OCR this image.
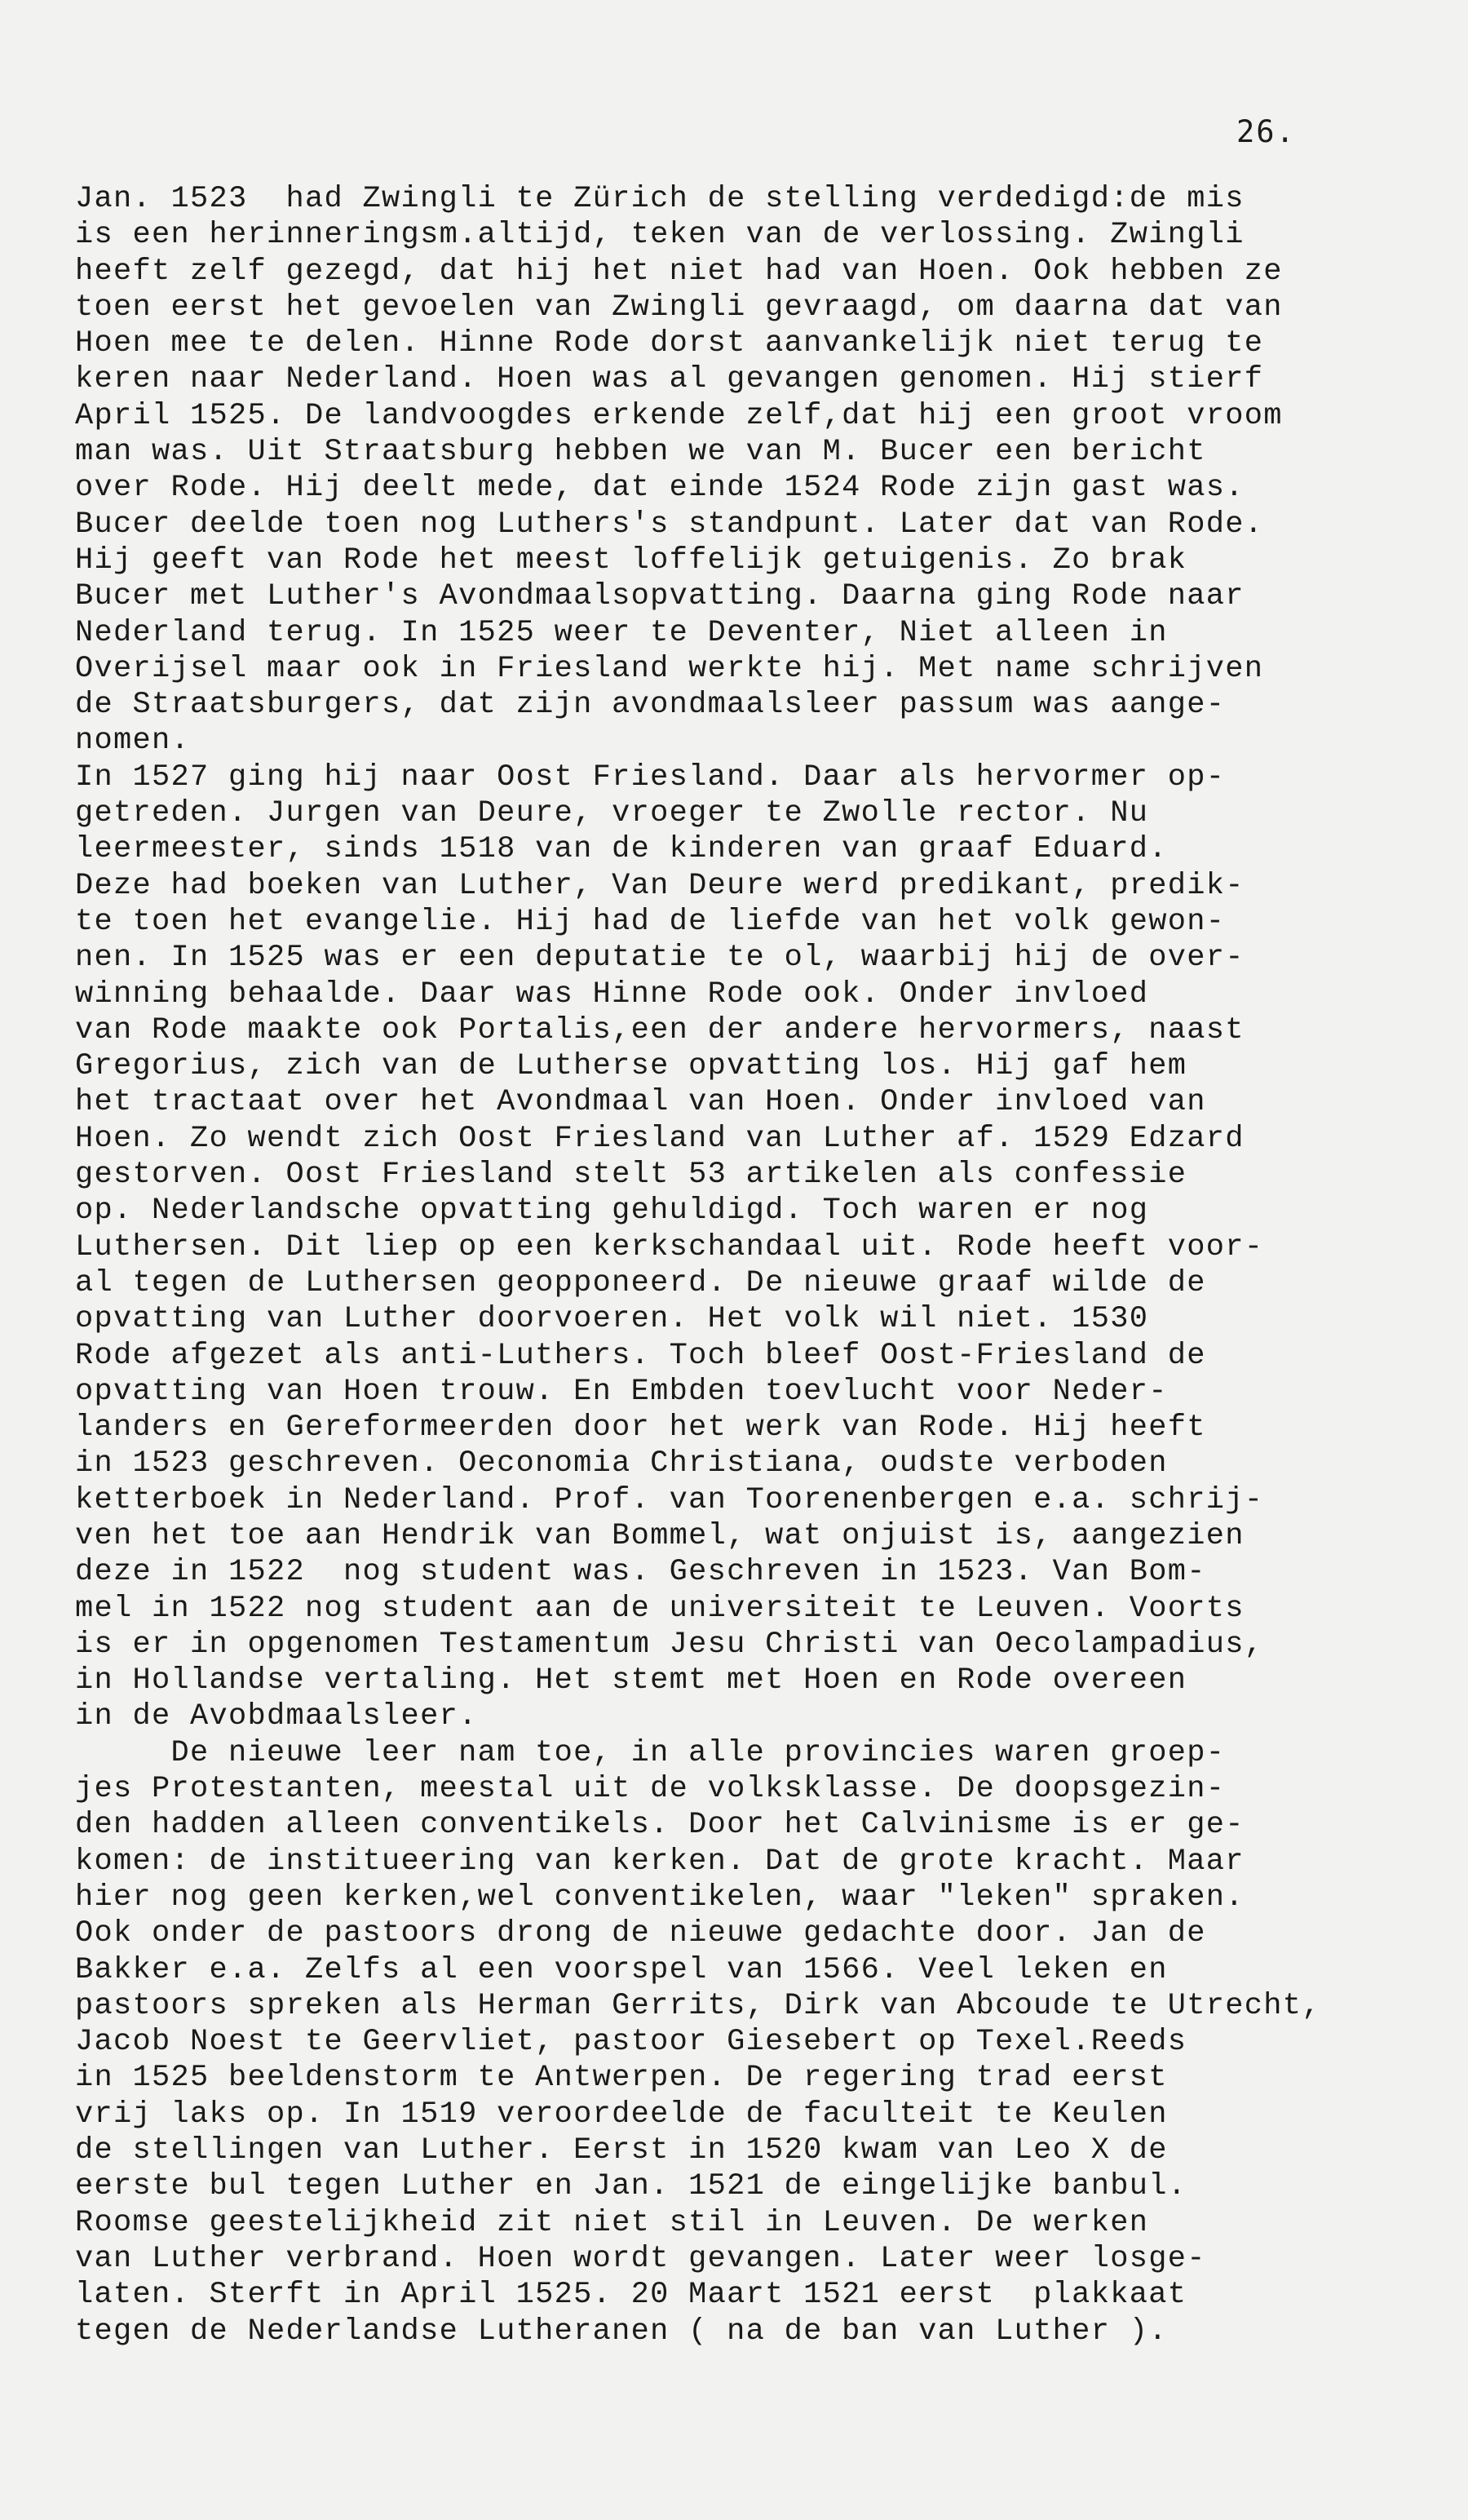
26.
Jan. 1523  had Zwingli te Zürich de stelling verdedigd:de mis
is een herinneringsm.altijd, teken van de verlossing. Zwingli
heeft zelf gezegd, dat hij het niet had van Hoen. Ook hebben ze
toen eerst het gevoelen van Zwingli gevraagd, om daarna dat van
Hoen mee te delen. Hinne Rode dorst aanvankelijk niet terug te
keren naar Nederland. Hoen was al gevangen genomen. Hij stierf
April 1525. De landvoogdes erkende zelf,dat hij een groot vroom
man was. Uit Straatsburg hebben we van M. Bucer een bericht
over Rode. Hij deelt mede, dat einde 1524 Rode zijn gast was.
Bucer deelde toen nog Luthers's standpunt. Later dat van Rode.
Hij geeft van Rode het meest loffelijk getuigenis. Zo brak
Bucer met Luther's Avondmaalsopvatting. Daarna ging Rode naar
Nederland terug. In 1525 weer te Deventer, Niet alleen in
Overijsel maar ook in Friesland werkte hij. Met name schrijven
de Straatsburgers, dat zijn avondmaalsleer passum was aange-
nomen.
In 1527 ging hij naar Oost Friesland. Daar als hervormer op-
getreden. Jurgen van Deure, vroeger te Zwolle rector. Nu
leermeester, sinds 1518 van de kinderen van graaf Eduard.
Deze had boeken van Luther, Van Deure werd predikant, predik-
te toen het evangelie. Hij had de liefde van het volk gewon-
nen. In 1525 was er een deputatie te ol, waarbij hij de over-
winning behaalde. Daar was Hinne Rode ook. Onder invloed
van Rode maakte ook Portalis,een der andere hervormers, naast
Gregorius, zich van de Lutherse opvatting los. Hij gaf hem
het tractaat over het Avondmaal van Hoen. Onder invloed van
Hoen. Zo wendt zich Oost Friesland van Luther af. 1529 Edzard
gestorven. Oost Friesland stelt 53 artikelen als confessie
op. Nederlandsche opvatting gehuldigd. Toch waren er nog
Luthersen. Dit liep op een kerkschandaal uit. Rode heeft voor-
al tegen de Luthersen geopponeerd. De nieuwe graaf wilde de
opvatting van Luther doorvoeren. Het volk wil niet. 1530
Rode afgezet als anti-Luthers. Toch bleef Oost-Friesland de
opvatting van Hoen trouw. En Embden toevlucht voor Neder-
landers en Gereformeerden door het werk van Rode. Hij heeft
in 1523 geschreven. Oeconomia Christiana, oudste verboden
ketterboek in Nederland. Prof. van Toorenenbergen e.a. schrij-
ven het toe aan Hendrik van Bommel, wat onjuist is, aangezien
deze in 1522  nog student was. Geschreven in 1523. Van Bom-
mel in 1522 nog student aan de universiteit te Leuven. Voorts
is er in opgenomen Testamentum Jesu Christi van Oecolampadius,
in Hollandse vertaling. Het stemt met Hoen en Rode overeen
in de Avobdmaalsleer.
De nieuwe leer nam toe, in alle provincies waren groep-
jes Protestanten, meestal uit de volksklasse. De doopsgezin-
den hadden alleen conventikels. Door het Calvinisme is er ge-
komen: de institueering van kerken. Dat de grote kracht. Maar
hier nog geen kerken,wel conventikelen, waar "leken" spraken.
Ook onder de pastoors drong de nieuwe gedachte door. Jan de
Bakker e.a. Zelfs al een voorspel van 1566. Veel leken en
pastoors spreken als Herman Gerrits, Dirk van Abcoude te Utrecht,
Jacob Noest te Geervliet, pastoor Giesebert op Texel.Reeds
in 1525 beeldenstorm te Antwerpen. De regering trad eerst
vrij laks op. In 1519 veroordeelde de faculteit te Keulen
de stellingen van Luther. Eerst in 1520 kwam van Leo X de
eerste bul tegen Luther en Jan. 1521 de eingelijke banbul.
Roomse geestelijkheid zit niet stil in Leuven. De werken
van Luther verbrand. Hoen wordt gevangen. Later weer losge-
laten. Sterft in April 1525. 20 Maart 1521 eerst  plakkaat
tegen de Nederlandse Lutheranen ( na de ban van Luther ).
